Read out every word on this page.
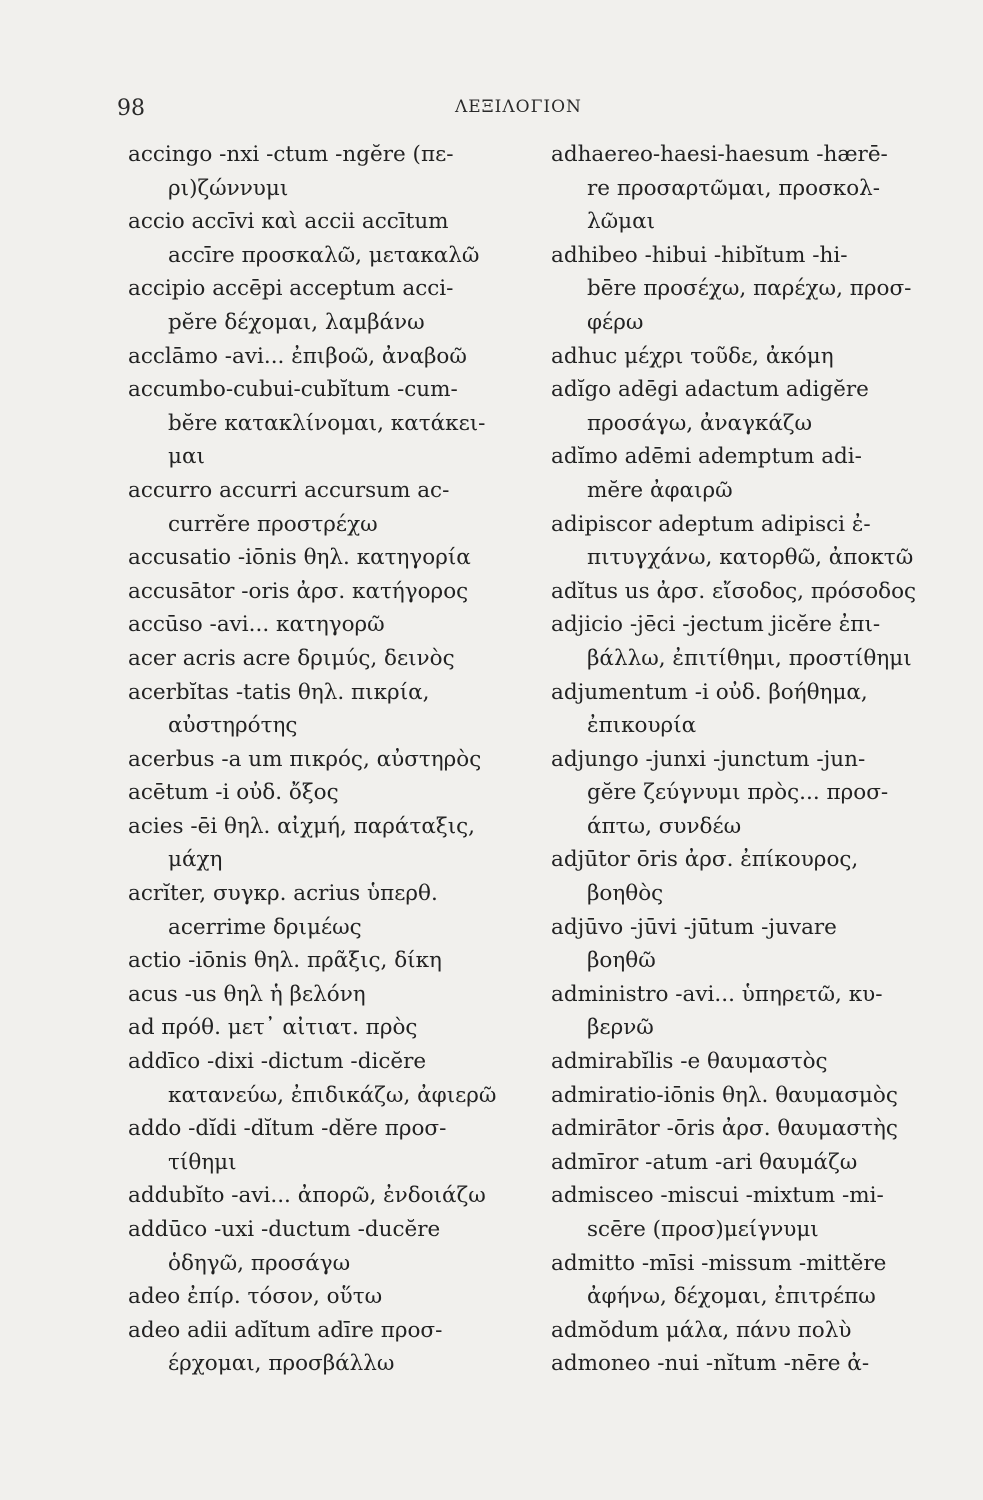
98	ΛΕΞΙΛΟΓΙΟΝ
accingo -nxi -ctum -ngĕre (πε-
ρι)ζώννυμι
accio accīvi καὶ accii accītum
accīre προσκαλῶ, μετακαλῶ
accipio accēpi acceptum acci-
pĕre δέχομαι, λαμβάνω
acclāmo -avi... ἐπιβοῶ, ἀναβοῶ
accumbo-cubui-cubĭtum -cum-
bĕre κατακλίνομαι, κατάκει-
μαι
accurro accurri accursum ac-
currĕre προστρέχω
accusatio -iōnis θηλ. κατηγορία
accusātor -oris ἀρσ. κατήγορος
accūso -avi... κατηγορῶ
acer acris acre δριμύς, δεινὸς
acerbĭtas -tatis θηλ. πικρία,
αὐστηρότης
acerbus -a um πικρός, αὐστηρὸς
acētum -i οὐδ. ὄξος
acies -ēi θηλ. αἰχμή, παράταξις,
μάχη
acrĭter, συγκρ. acrius ὑπερθ.
acerrime δριμέως
actio -iōnis θηλ. πρᾶξις, δίκη
acus -us θηλ ἡ βελόνη
ad πρόθ. μετ᾽ αἰτιατ. πρὸς
addīco -dixi -dictum -dicĕre
κατανεύω, ἐπιδικάζω, ἀφιερῶ
addo -dĭdi -dĭtum -dĕre προσ-
τίθημι
addubĭto -avi... ἀπορῶ, ἐνδοιάζω
addūco -uxi -ductum -ducĕre
ὁδηγῶ, προσάγω
adeo ἐπίρ. τόσον, οὕτω
adeo adii adĭtum adīre προσ-
έρχομαι, προσβάλλω
adhaereo-haesi-haesum -hærē-
re προσαρτῶμαι, προσκολ-
λῶμαι
adhibeo -hibui -hibĭtum -hi-
bēre προσέχω, παρέχω, προσ-
φέρω
adhuc μέχρι τοῦδε, ἀκόμη
adĭgo adēgi adactum adigĕre
προσάγω, ἀναγκάζω
adĭmo adēmi ademptum adi-
mĕre ἀφαιρῶ
adipiscor adeptum adipisci ἐ-
πιτυγχάνω, κατορθῶ, ἀποκτῶ
adĭtus us ἀρσ. εἴσοδος, πρόσοδος
adjicio -jēci -jectum jicĕre ἐπι-
βάλλω, ἐπιτίθημι, προστίθημι
adjumentum -i οὐδ. βοήθημα,
ἐπικουρία
adjungo -junxi -junctum -jun-
gĕre ζεύγνυμι πρὸς... προσ-
άπτω, συνδέω
adjūtor ōris ἀρσ. ἐπίκουρος,
βοηθὸς
adjūvo -jūvi -jūtum -juvare
βοηθῶ
administro -avi... ὑπηρετῶ, κυ-
βερνῶ
admirabĭlis -e θαυμαστὸς
admiratio-iōnis θηλ. θαυμασμὸς
admirātor -ōris ἀρσ. θαυμαστὴς
admīror -atum -ari θαυμάζω
admisceo -miscui -mixtum -mi-
scēre (προσ)μείγνυμι
admitto -mīsi -missum -mittĕre
ἀφήνω, δέχομαι, ἐπιτρέπω
admŏdum μάλα, πάνυ πολὺ
admoneo -nui -nĭtum -nēre ἀ-
